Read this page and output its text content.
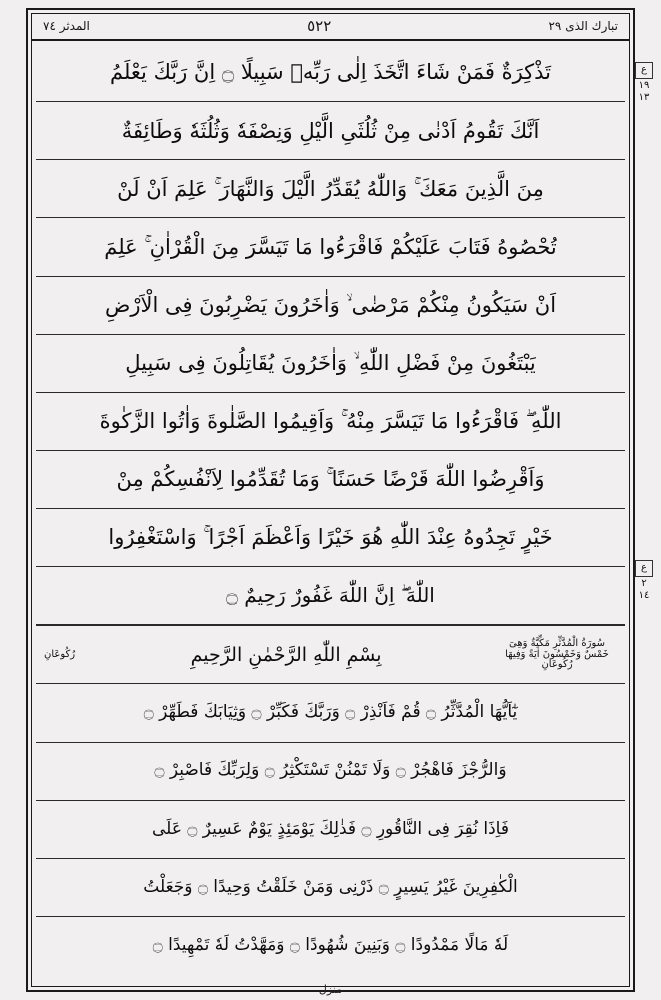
تبارك الذى ٢٩
٥٢٢
المدثر ٧٤
ع
١٩
١٣
ع
٢
١٤
تَذْكِرَةٌ فَمَنْ شَاءَ اتَّخَذَ اِلٰى رَبِّهٖ سَبِيلًا ۝ اِنَّ رَبَّكَ يَعْلَمُ
اَنَّكَ تَقُومُ اَدْنٰى مِنْ ثُلُثَىِ الَّيْلِ وَنِصْفَهٗ وَثُلُثَهٗ وَطَائِفَةٌ
مِنَ الَّذِينَ مَعَكَ ۚ وَاللّٰهُ يُقَدِّرُ الَّيْلَ وَالنَّهَارَ ۚ عَلِمَ اَنْ لَنْ
تُحْصُوهُ فَتَابَ عَلَيْكُمْ فَاقْرَءُوا مَا تَيَسَّرَ مِنَ الْقُرْاٰنِ ۚ عَلِمَ
اَنْ سَيَكُونُ مِنْكُمْ مَرْضٰى ۙ وَاٰخَرُونَ يَضْرِبُونَ فِى الْاَرْضِ
يَبْتَغُونَ مِنْ فَضْلِ اللّٰهِ ۙ وَاٰخَرُونَ يُقَاتِلُونَ فِى سَبِيلِ
اللّٰهِ ۖ فَاقْرَءُوا مَا تَيَسَّرَ مِنْهُ ۚ وَاَقِيمُوا الصَّلٰوةَ وَاٰتُوا الزَّكٰوةَ
وَاَقْرِضُوا اللّٰهَ قَرْضًا حَسَنًا ۚ وَمَا تُقَدِّمُوا لِاَنْفُسِكُمْ مِنْ
خَيْرٍ تَجِدُوهُ عِنْدَ اللّٰهِ هُوَ خَيْرًا وَاَعْظَمَ اَجْرًا ۚ وَاسْتَغْفِرُوا
اللّٰهَ ۖ اِنَّ اللّٰهَ غَفُورٌ رَحِيمٌ ۝
سُورَةُ الْمُدَّثِّرِ مَكِّيَّةٌ وَهِىَ خَمْسٌ وَخَمْسُونَ اٰيَةً وَفِيهَا رُكُوعَانِ
بِسْمِ اللّٰهِ الرَّحْمٰنِ الرَّحِيمِ
رُكُوعَانِ
يٰٓاَيُّهَا الْمُدَّثِّرُ ۝ قُمْ فَاَنْذِرْ ۝ وَرَبَّكَ فَكَبِّرْ ۝ وَثِيَابَكَ فَطَهِّرْ ۝
وَالرُّجْزَ فَاهْجُرْ ۝ وَلَا تَمْنُنْ تَسْتَكْثِرُ ۝ وَلِرَبِّكَ فَاصْبِرْ ۝
فَاِذَا نُقِرَ فِى النَّاقُورِ ۝ فَذٰلِكَ يَوْمَئِذٍ يَوْمٌ عَسِيرٌ ۝ عَلَى
الْكٰفِرِينَ غَيْرُ يَسِيرٍ ۝ ذَرْنِى وَمَنْ خَلَقْتُ وَحِيدًا ۝ وَجَعَلْتُ
لَهٗ مَالًا مَمْدُودًا ۝ وَبَنِينَ شُهُودًا ۝ وَمَهَّدْتُ لَهٗ تَمْهِيدًا ۝
منزل
